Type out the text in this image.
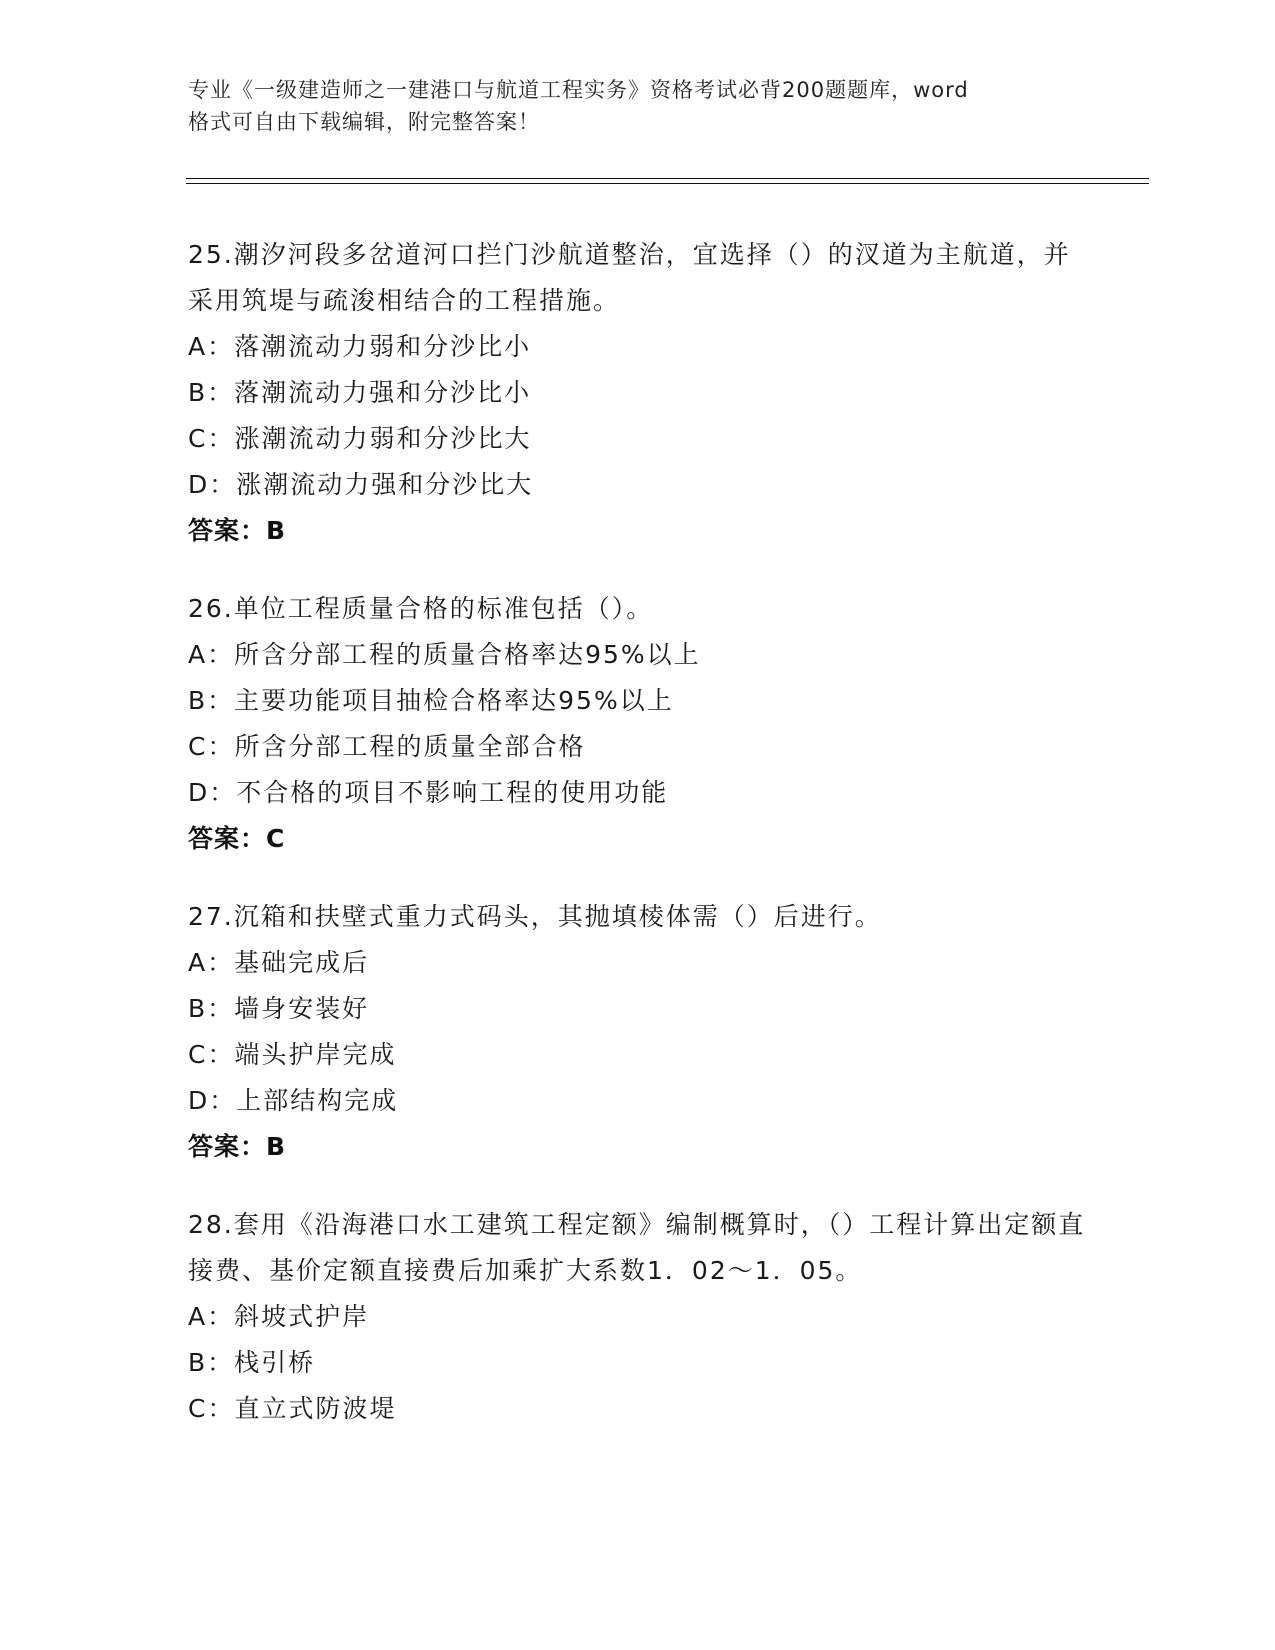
专业《一级建造师之一建港口与航道工程实务》资格考试必背200题题库，word
格式可自由下载编辑，附完整答案！

25.潮汐河段多岔道河口拦门沙航道整治，宜选择（）的汊道为主航道，并采用筑堤与疏浚相结合的工程措施。

A：落潮流动力弱和分沙比小

B：落潮流动力强和分沙比小

C：涨潮流动力弱和分沙比大

D：涨潮流动力强和分沙比大

答案：B

26.单位工程质量合格的标准包括（）。

A：所含分部工程的质量合格率达95%以上

B：主要功能项目抽检合格率达95%以上

C：所含分部工程的质量全部合格

D：不合格的项目不影响工程的使用功能

答案：C

27.沉箱和扶壁式重力式码头，其抛填棱体需（）后进行。

A：基础完成后

B：墙身安装好

C：端头护岸完成

D：上部结构完成

答案：B

28.套用《沿海港口水工建筑工程定额》编制概算时，（）工程计算出定额直接费、基价定额直接费后加乘扩大系数1．02～1．05。

A：斜坡式护岸

B：栈引桥

C：直立式防波堤
